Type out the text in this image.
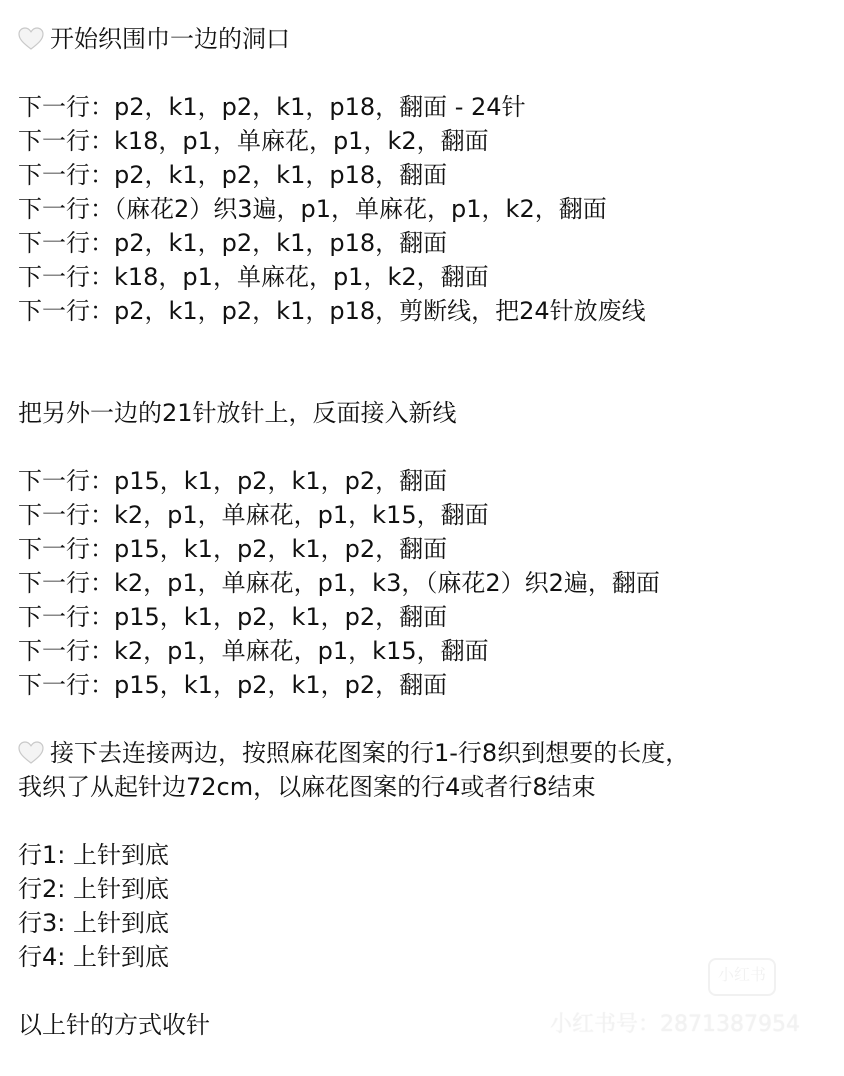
开始织围巾一边的洞口
下一行：p2，k1，p2，k1，p18，翻面 - 24针
下一行：k18，p1，单麻花，p1，k2，翻面
下一行：p2，k1，p2，k1，p18，翻面
下一行：（麻花2）织3遍，p1，单麻花，p1，k2，翻面
下一行：p2，k1，p2，k1，p18，翻面
下一行：k18，p1，单麻花，p1，k2，翻面
下一行：p2，k1，p2，k1，p18，剪断线，把24针放废线
把另外一边的21针放针上，反面接入新线
下一行：p15，k1，p2，k1，p2，翻面
下一行：k2，p1，单麻花，p1，k15，翻面
下一行：p15，k1，p2，k1，p2，翻面
下一行：k2，p1，单麻花，p1，k3，（麻花2）织2遍，翻面
下一行：p15，k1，p2，k1，p2，翻面
下一行：k2，p1，单麻花，p1，k15，翻面
下一行：p15，k1，p2，k1，p2，翻面
接下去连接两边，按照麻花图案的行1-行8织到想要的长度，
我织了从起针边72cm，以麻花图案的行4或者行8结束
行1: 上针到底
行2: 上针到底
行3: 上针到底
行4: 上针到底
以上针的方式收针
小红书
小红书号：2871387954
